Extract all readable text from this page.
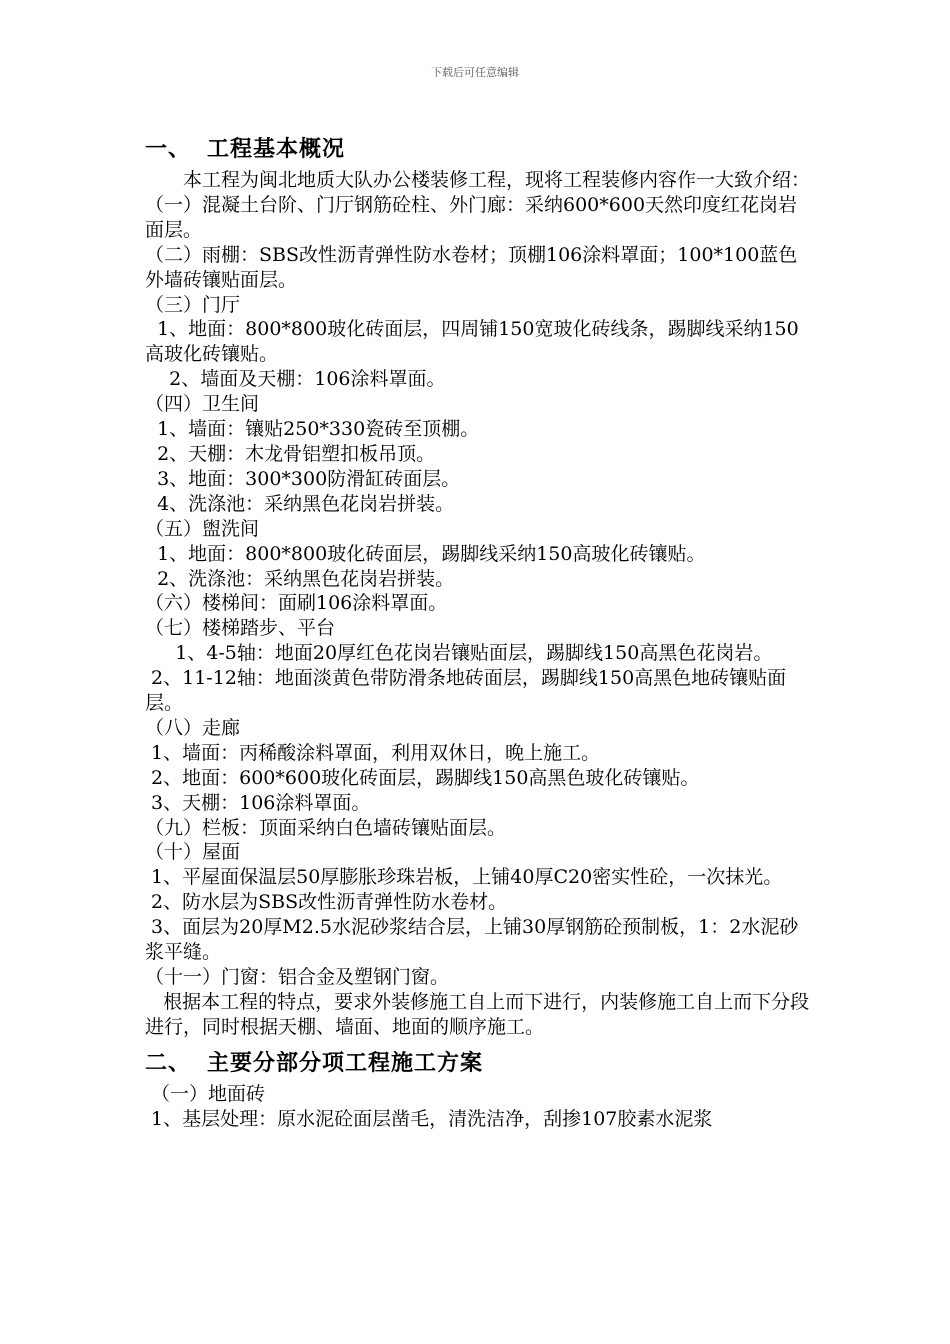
下载后可任意编辑
一、 工程基本概况

　　本工程为闽北地质大队办公楼装修工程，现将工程装修内容作一大致介绍：

（一）混凝土台阶、门厅钢筋砼柱、外门廊：采纳600*600天然印度红花岗岩面层。

（二）雨棚：SBS改性沥青弹性防水卷材；顶棚106涂料罩面；100*100蓝色外墙砖镶贴面层。

（三）门厅

1、地面：800*800玻化砖面层，四周铺150宽玻化砖线条，踢脚线采纳150高玻化砖镶贴。

2、墙面及天棚：106涂料罩面。

（四）卫生间

1、墙面：镶贴250*330瓷砖至顶棚。

2、天棚：木龙骨铝塑扣板吊顶。

3、地面：300*300防滑缸砖面层。

4、洗涤池：采纳黑色花岗岩拼装。

（五）盥洗间

1、地面：800*800玻化砖面层，踢脚线采纳150高玻化砖镶贴。

2、洗涤池：采纳黑色花岗岩拼装。

（六）楼梯间：面刷106涂料罩面。

（七）楼梯踏步、平台

1、4-5轴：地面20厚红色花岗岩镶贴面层，踢脚线150高黑色花岗岩。

2、11-12轴：地面淡黄色带防滑条地砖面层，踢脚线150高黑色地砖镶贴面层。

（八）走廊

1、墙面：丙稀酸涂料罩面，利用双休日，晚上施工。

2、地面：600*600玻化砖面层，踢脚线150高黑色玻化砖镶贴。

3、天棚：106涂料罩面。

（九）栏板：顶面采纳白色墙砖镶贴面层。

（十）屋面

1、平屋面保温层50厚膨胀珍珠岩板，上铺40厚C20密实性砼，一次抹光。

2、防水层为SBS改性沥青弹性防水卷材。

3、面层为20厚M2.5水泥砂浆结合层，上铺30厚钢筋砼预制板，1：2水泥砂浆平缝。

（十一）门窗：铝合金及塑钢门窗。

根据本工程的特点，要求外装修施工自上而下进行，内装修施工自上而下分段进行，同时根据天棚、墙面、地面的顺序施工。

二、 主要分部分项工程施工方案

（一）地面砖

1、基层处理：原水泥砼面层凿毛，清洗洁净，刮掺107胶素水泥浆
